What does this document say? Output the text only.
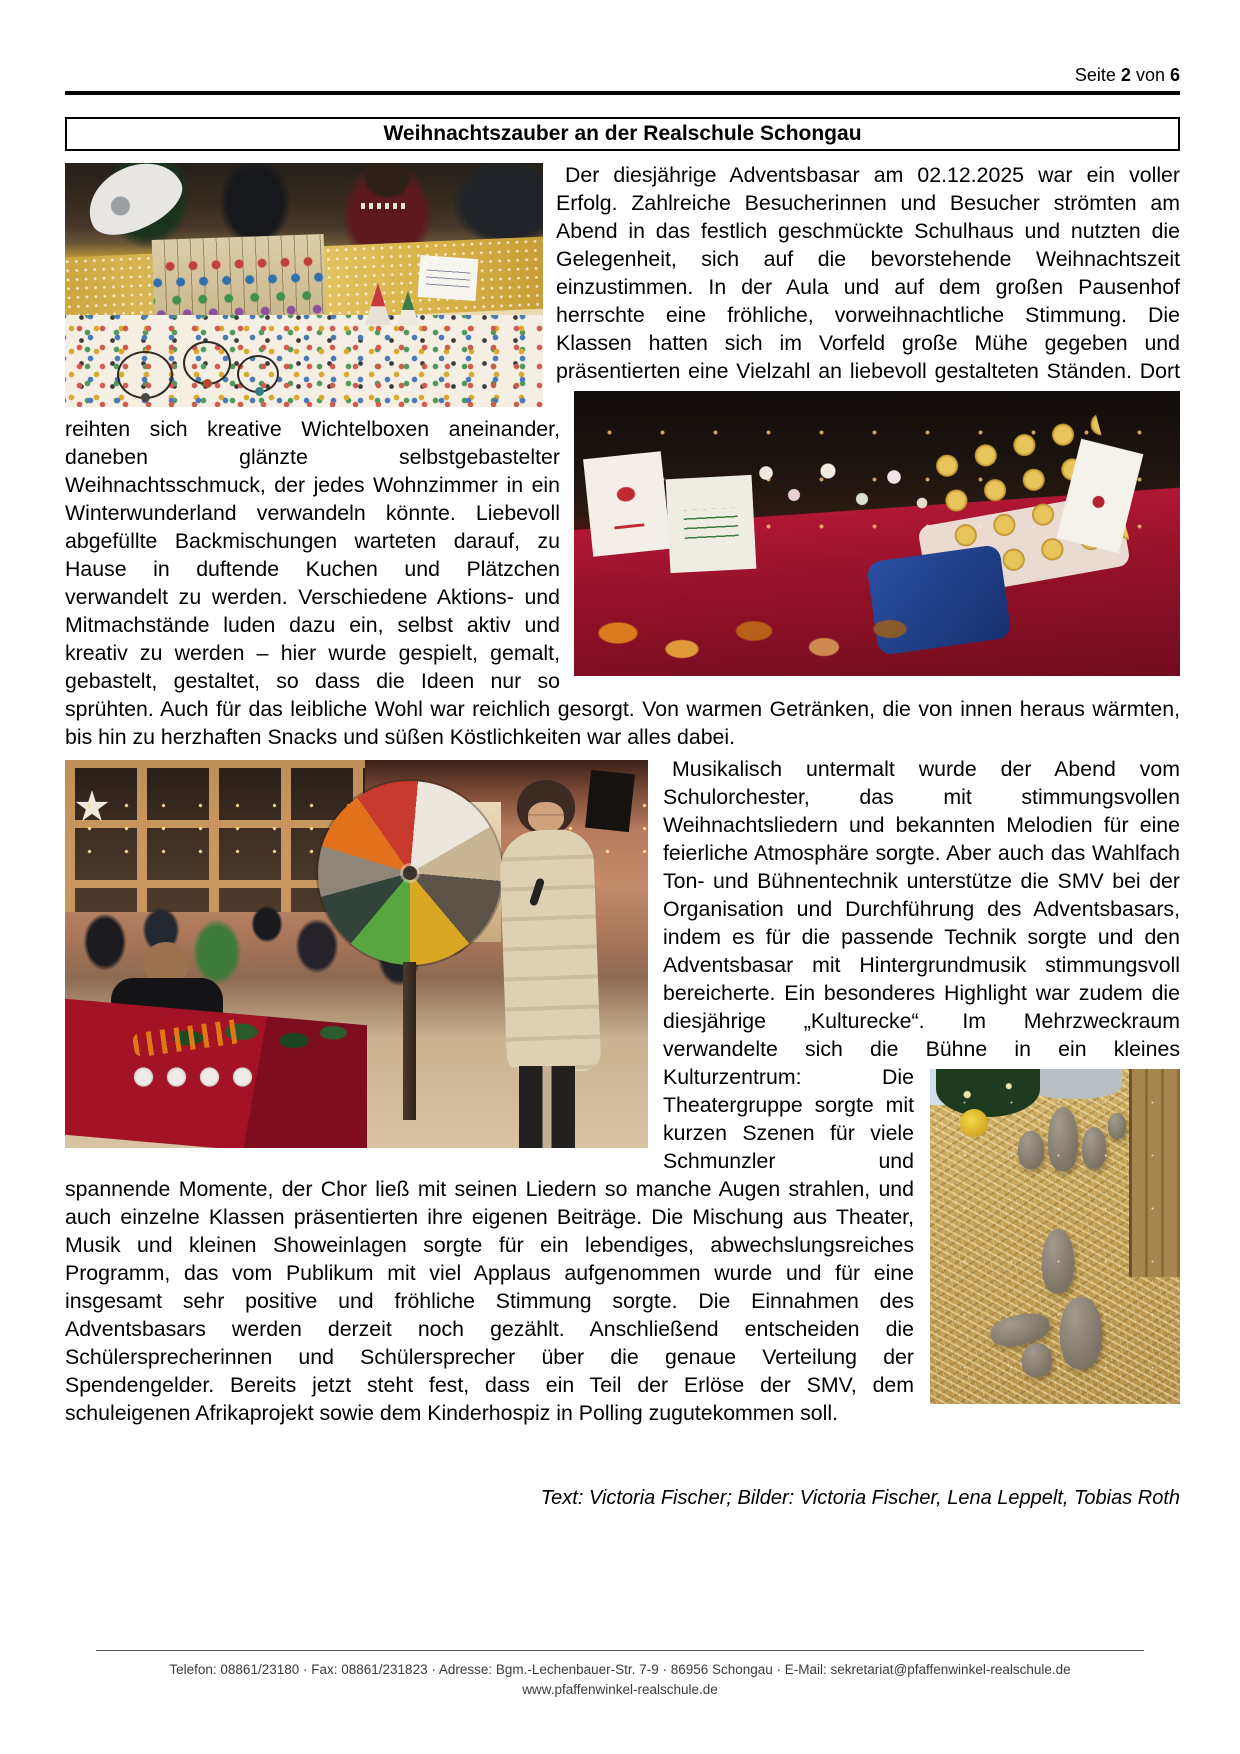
Seite 2 von 6
Weihnachtszauber an der Realschule Schongau
Der diesjährige Adventsbasar am 02.12.2025 war ein voller Erfolg. Zahlreiche Besucherinnen und Besucher strömten am Abend in das festlich geschmückte Schulhaus und nutzten die Gelegenheit, sich auf die bevorstehende Weihnachtszeit einzustimmen. In der Aula und auf dem großen Pausenhof herrschte eine fröhliche, vorweihnachtliche Stimmung. Die Klassen hatten sich im Vorfeld große Mühe gegeben und präsentierten eine Vielzahl an liebevoll gestalteten
Ständen. Dort reihten sich kreative Wichtelboxen aneinander, daneben glänzte selbstgebastelter Weihnachtsschmuck, der jedes Wohnzimmer in ein Winterwunderland verwandeln könnte. Liebevoll abgefüllte Backmischungen warteten darauf, zu Hause in duftende Kuchen und Plätzchen verwandelt zu werden. Verschiedene Aktions- und Mitmachstände luden dazu ein, selbst aktiv und kreativ zu werden – hier wurde gespielt, gemalt, gebastelt, gestaltet, so dass die Ideen nur so sprühten. Auch für das leibliche Wohl war reichlich gesorgt. Von warmen Getränken, die von innen heraus wärmten, bis hin zu herzhaften Snacks und süßen Köstlichkeiten war alles dabei.
Musikalisch untermalt wurde der Abend vom Schulorchester, das mit stimmungsvollen Weihnachtsliedern und bekannten Melodien für eine feierliche Atmosphäre sorgte. Aber auch das Wahlfach Ton- und Bühnentechnik unterstütze die SMV bei der Organisation und Durchführung des Adventsbasars, indem es für die passende Technik sorgte und den Adventsbasar mit Hintergrundmusik stimmungsvoll bereicherte. Ein besonderes Highlight war zudem die diesjährige „Kulturecke“. Im Mehrzweckraum verwandelte sich die Bühne
in ein kleines Kulturzentrum: Die Theatergruppe sorgte mit kurzen Szenen für viele Schmunzler und spannende Momente, der Chor ließ mit seinen Liedern so manche Augen strahlen, und auch einzelne Klassen präsentierten ihre eigenen Beiträge. Die Mischung aus Theater, Musik und kleinen Showeinlagen sorgte für ein lebendiges, abwechslungsreiches Programm, das vom Publikum mit viel Applaus aufgenommen wurde und für eine insgesamt sehr positive und fröhliche Stimmung sorgte. Die Einnahmen des Adventsbasars werden derzeit noch gezählt. Anschließend entscheiden die Schülersprecherinnen und Schülersprecher über die genaue Verteilung der Spendengelder. Bereits jetzt steht fest, dass ein Teil der Erlöse der SMV, dem schuleigenen Afrikaprojekt sowie dem Kinderhospiz in Polling zugutekommen soll.
Text: Victoria Fischer; Bilder: Victoria Fischer, Lena Leppelt, Tobias Roth
Telefon: 08861/23180 · Fax: 08861/231823 · Adresse: Bgm.-Lechenbauer-Str. 7-9 · 86956 Schongau · E-Mail: sekretariat@pfaffenwinkel-realschule.de
www.pfaffenwinkel-realschule.de
